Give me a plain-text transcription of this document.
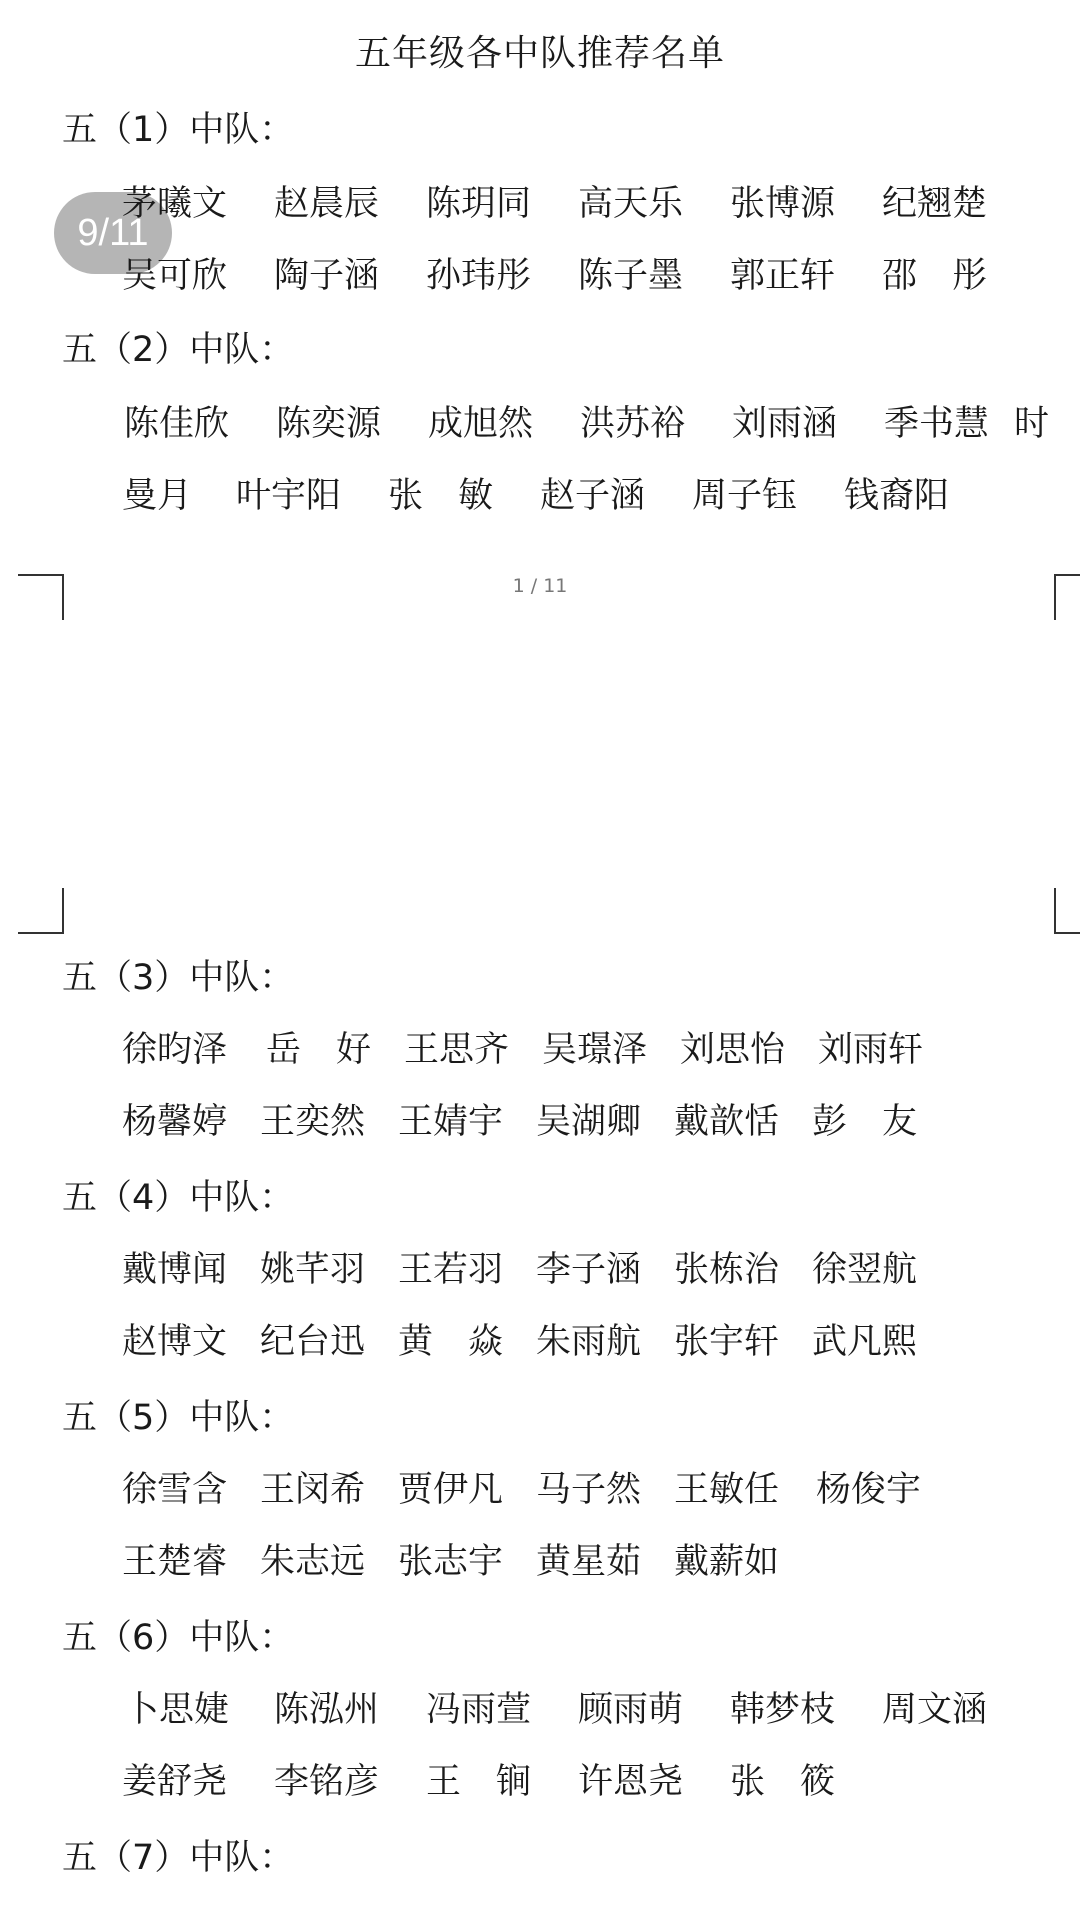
五年级各中队推荐名单
9/11
五（1）中队：
茅曦文 赵晨辰 陈玥同 高天乐 张博源 纪翘楚
吴可欣 陶子涵 孙玮彤 陈子墨 郭正轩 邵　彤
五（2）中队：
陈佳欣 陈奕源 成旭然 洪苏裕 刘雨涵 季书慧 时
曼月 叶宇阳 张　敏 赵子涵 周子钰 钱裔阳
1 / 11
五（3）中队：
徐昀泽 岳　好 王思齐 吴璟泽 刘思怡 刘雨轩
杨馨婷 王奕然 王婧宇 吴湖卿 戴歆恬 彭　友
五（4）中队：
戴博闻 姚芊羽 王若羽 李子涵 张栋治 徐翌航
赵博文 纪台迅 黄　焱 朱雨航 张宇轩 武凡熙
五（5）中队：
徐雪含 王闵希 贾伊凡 马子然 王敏任 杨俊宇
王楚睿 朱志远 张志宇 黄星茹 戴薪如
五（6）中队：
卜思婕 陈泓州 冯雨萱 顾雨萌 韩梦枝 周文涵
姜舒尧 李铭彦 王　锏 许恩尧 张　筱
五（7）中队：
